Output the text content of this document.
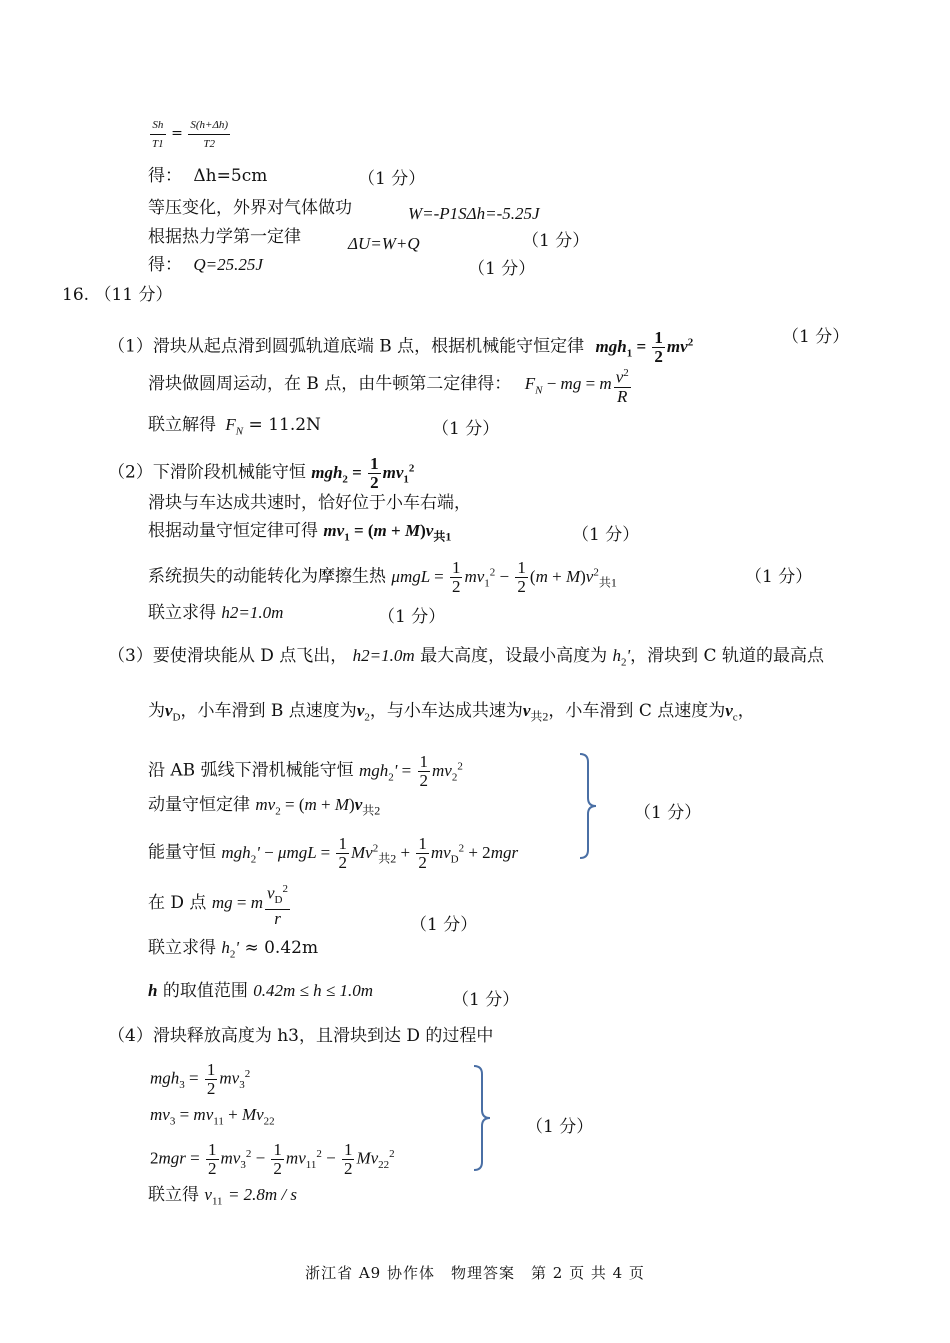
$\frac{Sh}{T1} = \frac{S(h+\Delta h)}{T2}$
得： Δh=5cm	（1 分）
等压变化，外界对气体做功	W=-P1SΔh=-5.25J
根据热力学第一定律	ΔU=W+Q	（1 分）
得： Q=25.25J	（1 分）
16. （11 分）
（1）滑块从起点滑到圆弧轨道底端 B 点，根据机械能守恒定律 $mgh_1 = \frac{1}{2} mv^2$	（1 分）
滑块做圆周运动，在 B 点，由牛顿第二定律得： $F_N$ − mg = m $\frac{v^2}{R}$
联立解得 $F_N = 11.2N$	（1 分）
（2）下滑阶段机械能守恒 $mgh_2 = \frac{1}{2} mv_1^2$
滑块与车达成共速时，恰好位于小车右端，
根据动量守恒定律可得 $mv_1 = (m + M)v_{共1}$	（1 分）
系统损失的动能转化为摩擦生热 $\mu mgL = \frac{1}{2} mv_1^2 - \frac{1}{2} (m + M)v^2_{共1}$	（1 分）
联立求得 h2=1.0m	（1 分）
（3）要使滑块能从 D 点飞出， h2=1.0m 最大高度，设最小高度为 $h_2'$，滑块到 C 轨道的最高点
为$v_D$，小车滑到 B 点速度为$v_2$，与小车达成共速为$v_{共2}$，小车滑到 C 点速度为$v_c$，
沿 AB 弧线下滑机械能守恒 $mgh_2' = \frac{1}{2} mv_2^2$
动量守恒定律 $mv_2 = (m + M)v_{共2}$
能量守恒 $mgh_2' - \mu mgL = \frac{1}{2} Mv^2_{共2} + \frac{1}{2} mv_D^2 + 2mgr$
（1 分）
在 D 点 mg = m $\frac{v_D^2}{r}$	（1 分）
联立求得 $h_2' \approx 0.42m$
h 的取值范围 0.42m ≤ h ≤ 1.0m	（1 分）
（4）滑块释放高度为 h3，且滑块到达 D 的过程中
$mgh_3 = \frac{1}{2} mv_3^2$
$mv_3 = mv_{11} + Mv_{22}$
$2mgr = \frac{1}{2} mv_3^2 - \frac{1}{2} mv_{11}^2 - \frac{1}{2} Mv_{22}^2$
（1 分）
联立得 $v_{11} = 2.8m / s$
浙江省 A9 协作体　物理答案　第 2 页 共 4 页
